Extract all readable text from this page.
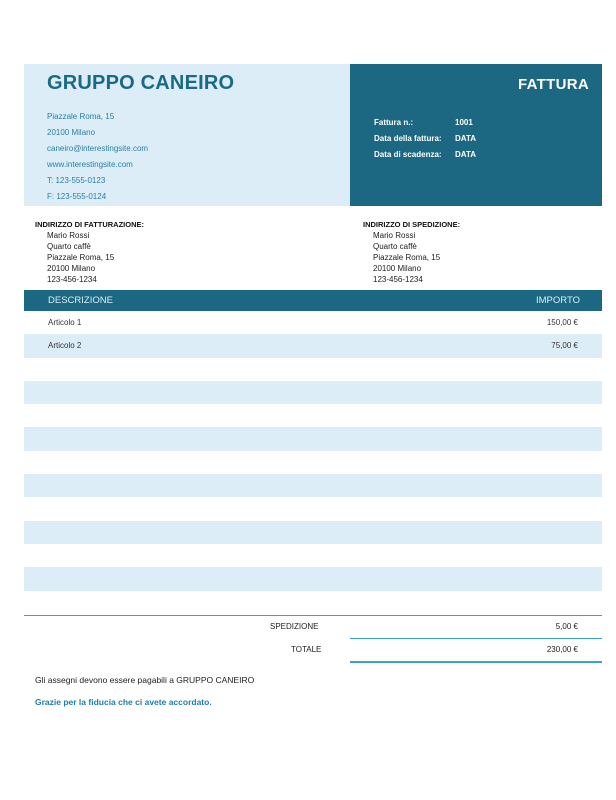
GRUPPO CANEIRO
Piazzale Roma, 15
20100 Milano
caneiro@interestingsite.com
www.interestingsite.com
T: 123-555-0123
F: 123-555-0124
FATTURA
Fattura n.:	1001
Data della fattura:	DATA
Data di scadenza:	DATA
INDIRIZZO DI FATTURAZIONE:
Mario Rossi
Quarto caffè
Piazzale Roma, 15
20100 Milano
123-456-1234
INDIRIZZO DI SPEDIZIONE:
Mario Rossi
Quarto caffè
Piazzale Roma, 15
20100 Milano
123-456-1234
DESCRIZIONE	IMPORTO
Articolo 1	150,00 €
Articolo 2	75,00 €
SPEDIZIONE	5,00 €
TOTALE	230,00 €
Gli assegni devono essere pagabili a GRUPPO CANEIRO
Grazie per la fiducia che ci avete accordato.
